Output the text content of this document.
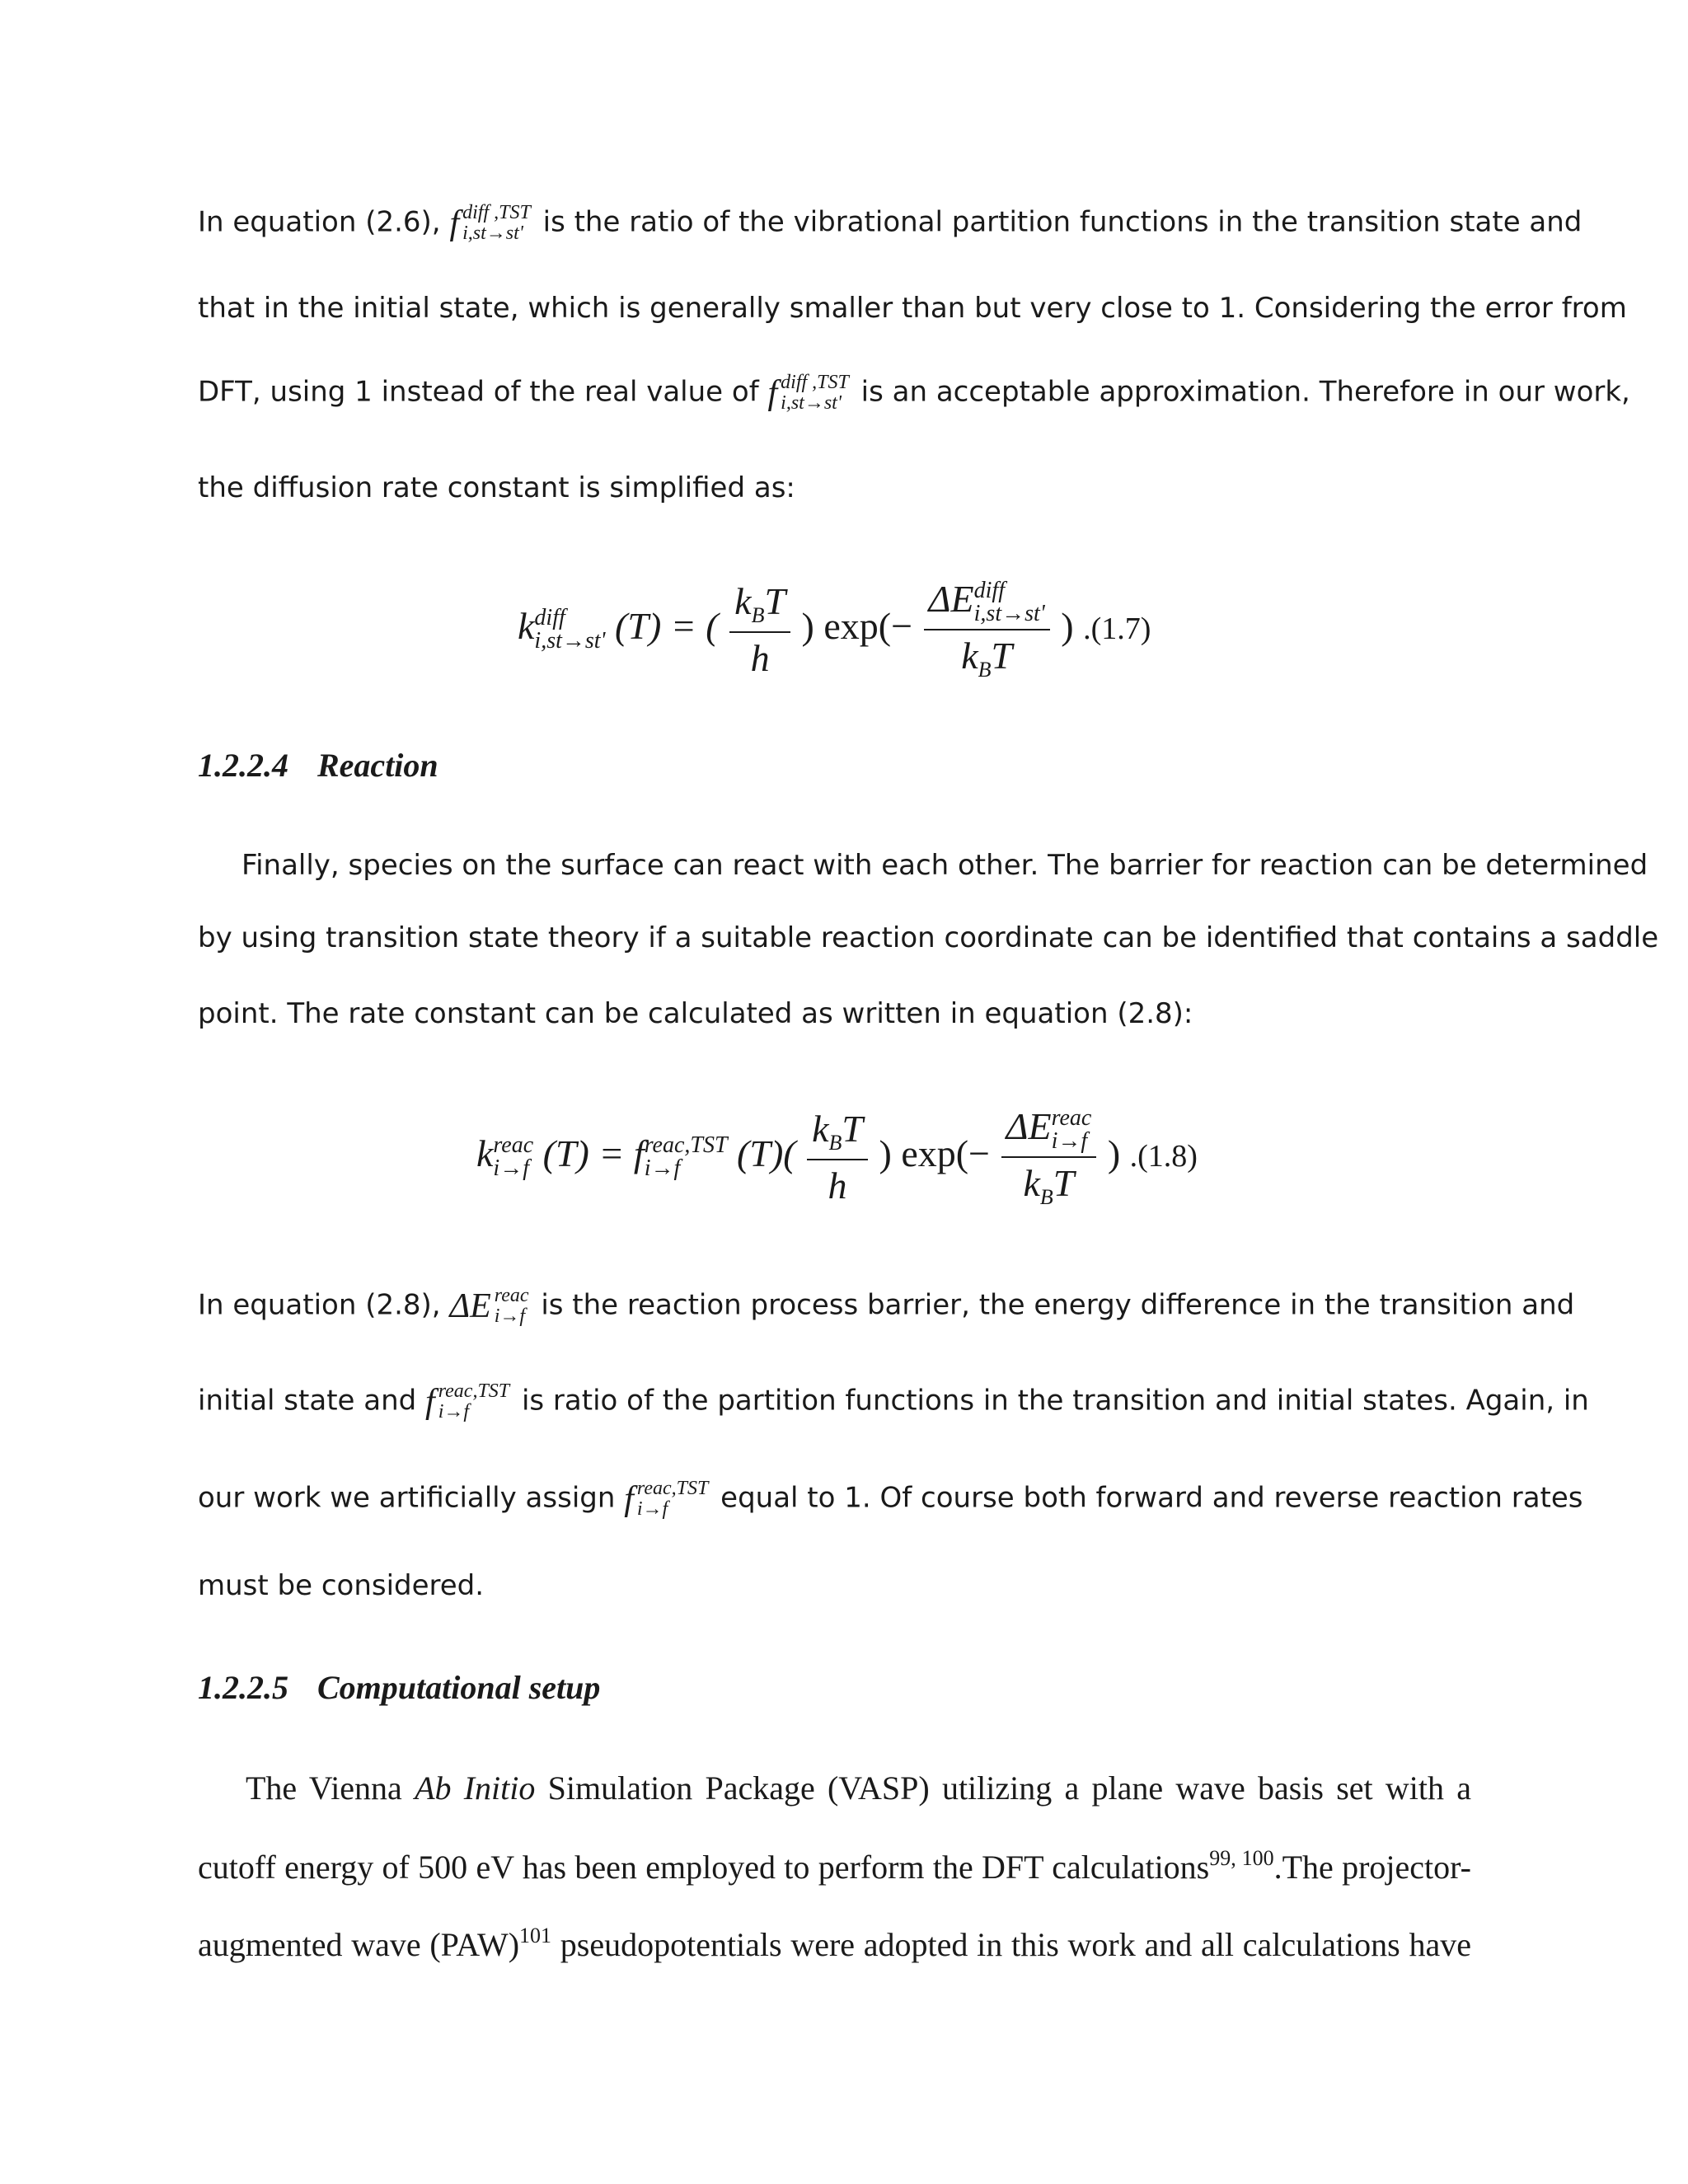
In equation (2.6), f diff ,TST
i,st→st' is the ratio of the vibrational partition functions in the transition state and
that in the initial state, which is generally smaller than but very close to 1. Considering the error from
DFT, using 1 instead of the real value of f diff ,TST
i,st→st' is an acceptable approximation. Therefore in our work,
the diffusion rate constant is simplified as:
k diff
i,st→st' (T) = ( $\frac{k_BT}{h}$ ) exp(− ΔE diff
i,st→st'
$k_BT$ ) .(1.7)
1.2.2.4 Reaction
Finally, species on the surface can react with each other. The barrier for reaction can be determined
by using transition state theory if a suitable reaction coordinate can be identified that contains a saddle
point. The rate constant can be calculated as written in equation (2.8):
k reac
i→f (T) = f reac,TST
i→f	$(T)( \frac{k_BT}{h}$ ) exp(− ΔE reac
i→f
$k_BT$ ) .(1.8)
In equation (2.8), ΔE reac
i→f is the reaction process barrier, the energy difference in the transition and
initial state and f reac,TST
i→f	is ratio of the partition functions in the transition and initial states. Again, in
our work we artificially assign f reac,TST
i→f	equal to 1. Of course both forward and reverse reaction rates
must be considered.
1.2.2.5 Computational setup
The Vienna Ab Initio Simulation Package (VASP) utilizing a plane wave basis set with a
cutoff energy of 500 eV has been employed to perform the DFT calculations$^{99, 100}$.The projector-
augmented wave (PAW)$^{101}$ pseudopotentials were adopted in this work and all calculations have
